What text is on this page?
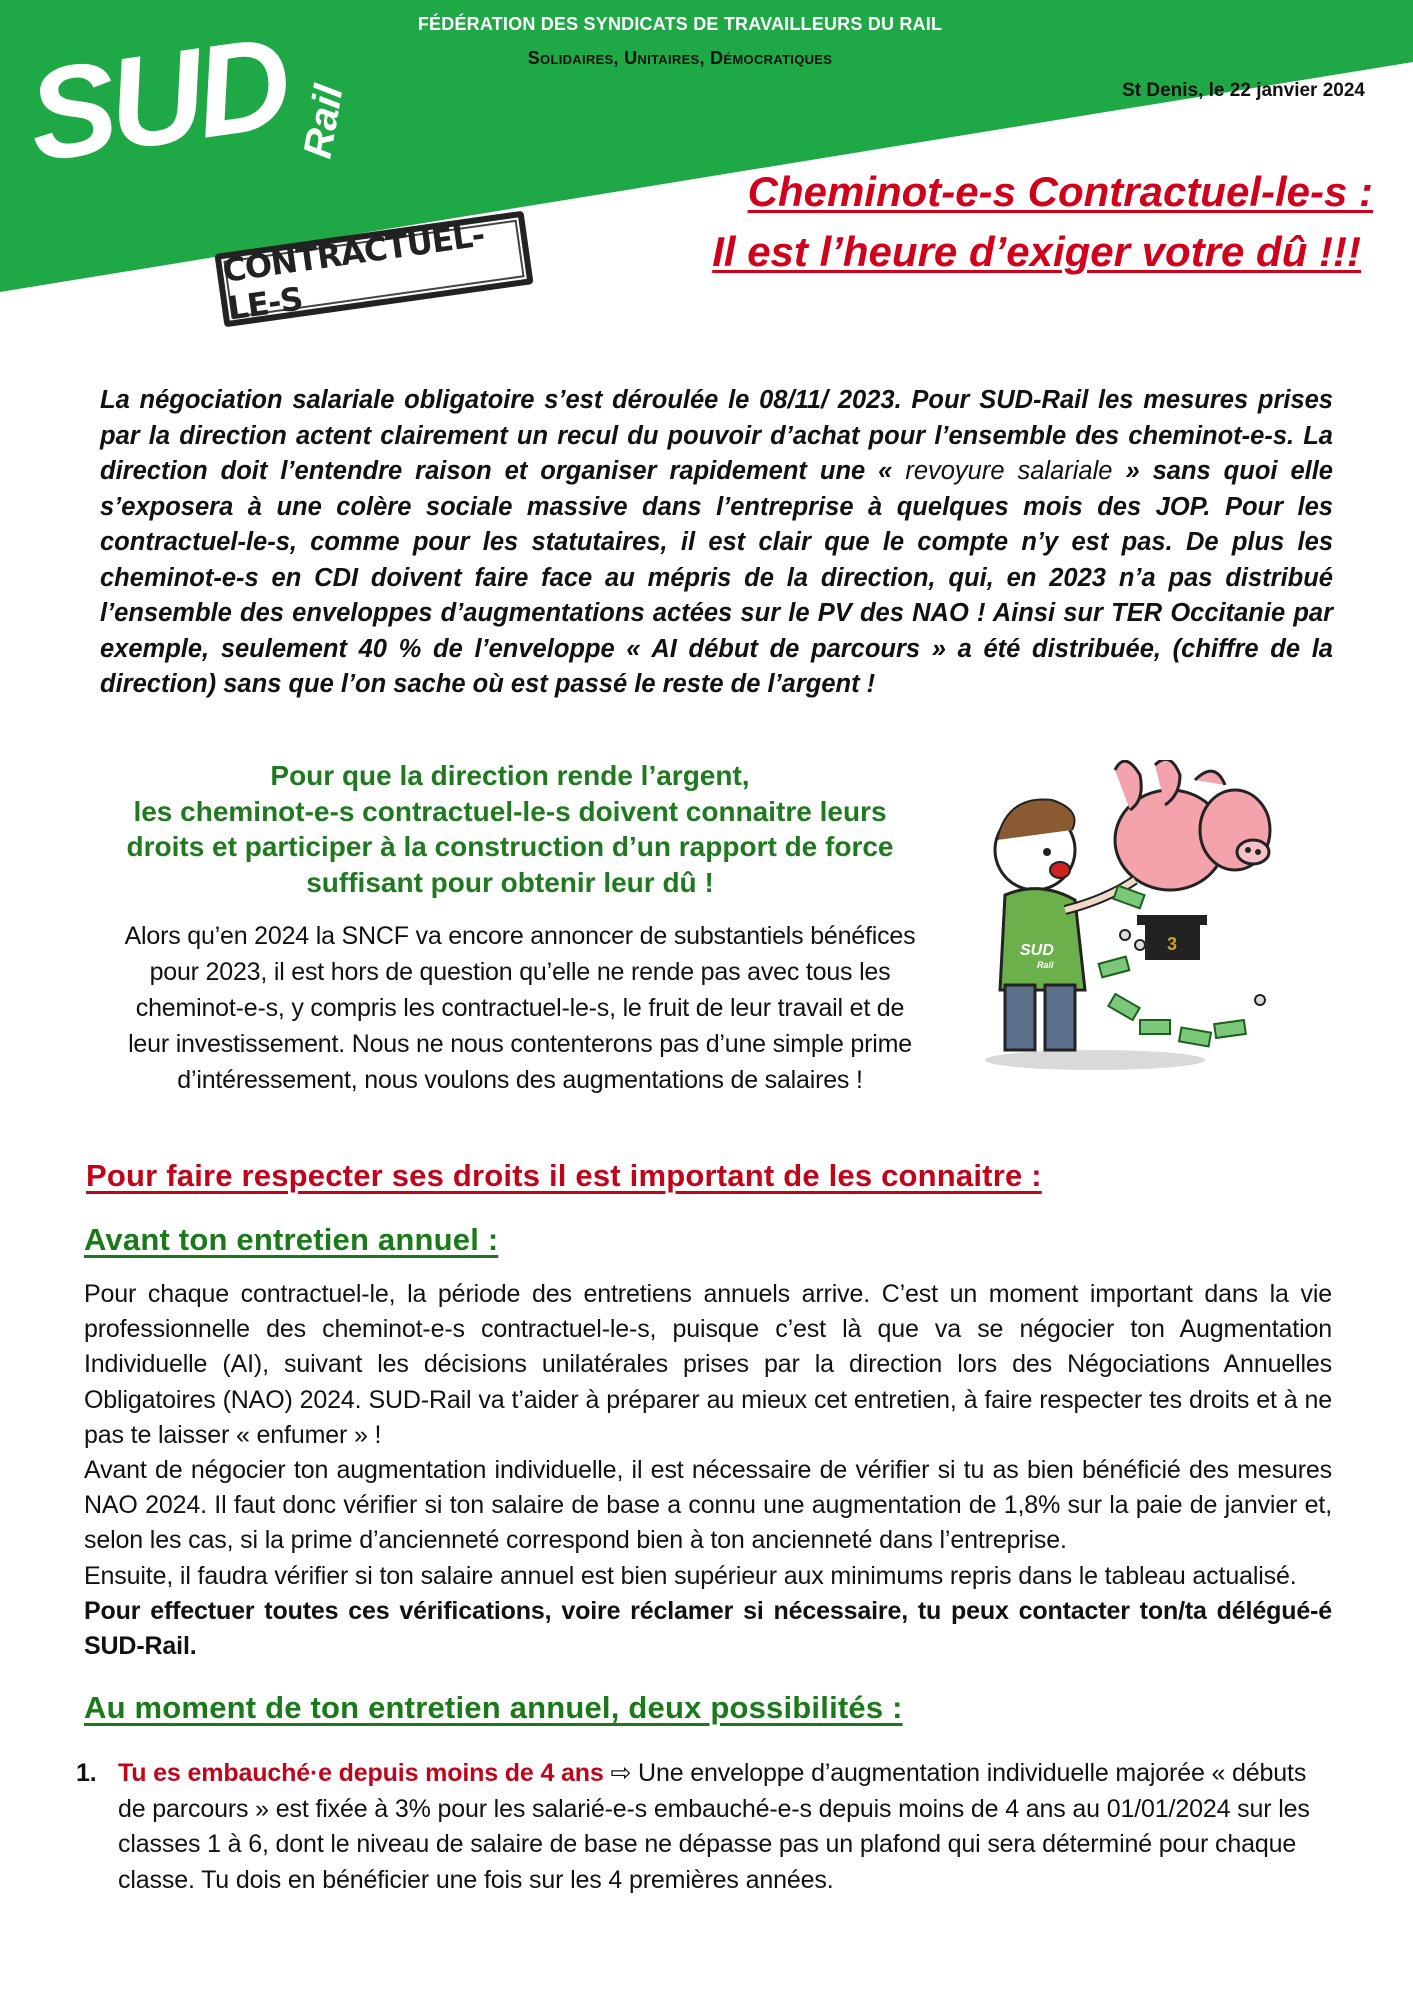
SUD Rail
FÉDÉRATION DES SYNDICATS DE TRAVAILLEURS DU RAIL
Solidaires, Unitaires, Démocratiques
St Denis, le 22 janvier 2024
Cheminot-e-s Contractuel-le-s :
Il est l’heure d’exiger votre dû !!!
CONTRACTUEL-LE-S
La négociation salariale obligatoire s’est déroulée le 08/11/ 2023. Pour SUD-Rail les mesures prises par la direction actent clairement un recul du pouvoir d’achat pour l’ensemble des cheminot-e-s. La direction doit l’entendre raison et organiser rapidement une « revoyure salariale » sans quoi elle s’exposera à une colère sociale massive dans l’entreprise à quelques mois des JOP. Pour les contractuel-le-s, comme pour les statutaires, il est clair que le compte n’y est pas. De plus les cheminot-e-s en CDI doivent faire face au mépris de la direction, qui, en 2023 n’a pas distribué l’ensemble des enveloppes d’augmentations actées sur le PV des NAO ! Ainsi sur TER Occitanie par exemple, seulement 40 % de l’enveloppe « AI début de parcours » a été distribuée, (chiffre de la direction) sans que l’on sache où est passé le reste de l’argent !
Pour que la direction rende l’argent,
les cheminot-e-s contractuel-le-s doivent connaitre leurs
droits et participer à la construction d’un rapport de force
suffisant pour obtenir leur dû !
Alors qu’en 2024 la SNCF va encore annoncer de substantiels bénéfices
pour 2023, il est hors de question qu’elle ne rende pas avec tous les
cheminot-e-s, y compris les contractuel-le-s, le fruit de leur travail et de
leur investissement. Nous ne nous contenterons pas d’une simple prime
d’intéressement, nous voulons des augmentations de salaires !
3
SUD
Rail
Pour faire respecter ses droits il est important de les connaitre :
Avant ton entretien annuel :

Pour chaque contractuel-le, la période des entretiens annuels arrive. C’est un moment important dans la vie professionnelle des cheminot-e-s contractuel-le-s, puisque c’est là que va se négocier ton Augmentation Individuelle (AI), suivant les décisions unilatérales prises par la direction lors des Négociations Annuelles Obligatoires (NAO) 2024. SUD-Rail va t’aider à préparer au mieux cet entretien, à faire respecter tes droits et à ne pas te laisser « enfumer » !

Avant de négocier ton augmentation individuelle, il est nécessaire de vérifier si tu as bien bénéficié des mesures NAO 2024. Il faut donc vérifier si ton salaire de base a connu une augmentation de 1,8% sur la paie de janvier et, selon les cas, si la prime d’ancienneté correspond bien à ton ancienneté dans l’entreprise.

Ensuite, il faudra vérifier si ton salaire annuel est bien supérieur aux minimums repris dans le tableau actualisé.

Pour effectuer toutes ces vérifications, voire réclamer si nécessaire, tu peux contacter ton/ta délégué-é SUD-Rail.

Au moment de ton entretien annuel, deux possibilités :
1. Tu es embauché·e depuis moins de 4 ans ⇨ Une enveloppe d’augmentation individuelle majorée « débuts de parcours » est fixée à 3% pour les salarié-e-s embauché-e-s depuis moins de 4 ans au 01/01/2024 sur les classes 1 à 6, dont le niveau de salaire de base ne dépasse pas un plafond qui sera déterminé pour chaque classe. Tu dois en bénéficier une fois sur les 4 premières années.
